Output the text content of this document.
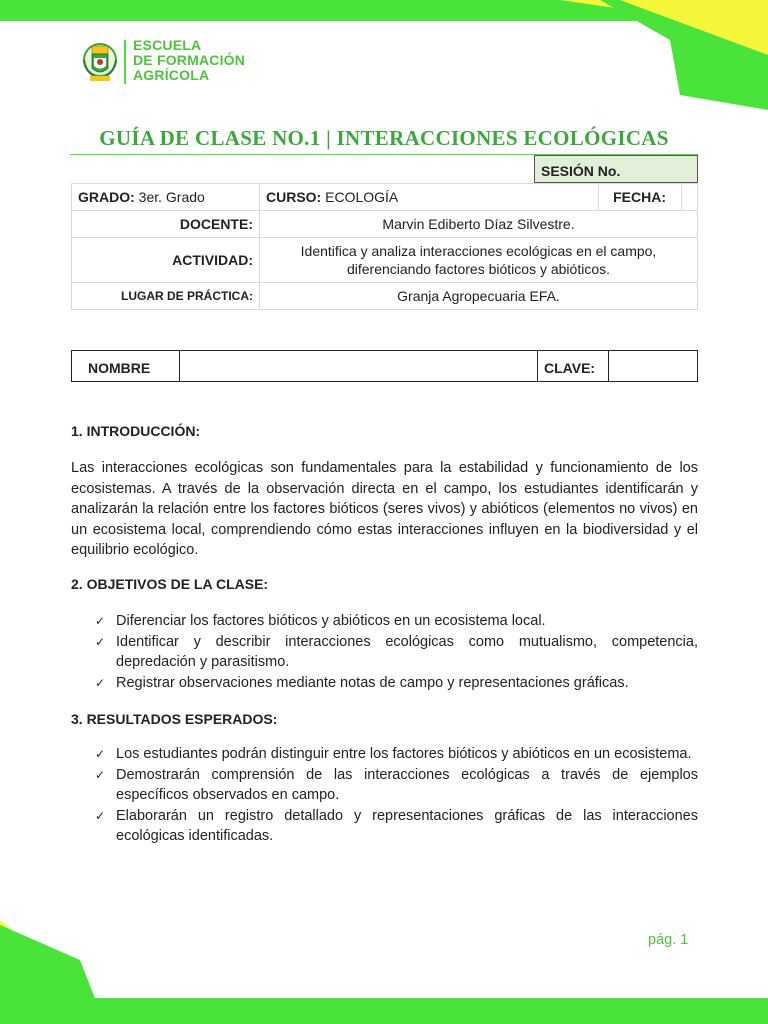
ESCUELA
DE FORMACIÓN
AGRÍCOLA
GUÍA DE CLASE NO.1 | INTERACCIONES ECOLÓGICAS
SESIÓN No.
GRADO: 3er. Grado	CURSO: ECOLOGÍA	FECHA:	
DOCENTE:	Marvin Ediberto Díaz Silvestre.		
ACTIVIDAD:	Identifica y analiza interacciones ecológicas en el campo,
diferenciando factores bióticos y abióticos.		

LUGAR DE PRÁCTICA:	Granja Agropecuaria EFA.		
NOMBRE		CLAVE:	
1. INTRODUCCIÓN:
Las interacciones ecológicas son fundamentales para la estabilidad y funcionamiento de los ecosistemas. A través de la observación directa en el campo, los estudiantes identificarán y analizarán la relación entre los factores bióticos (seres vivos) y abióticos (elementos no vivos) en un ecosistema local, comprendiendo cómo estas interacciones influyen en la biodiversidad y el equilibrio ecológico.
2. OBJETIVOS DE LA CLASE:
✓ Diferenciar los factores bióticos y abióticos en un ecosistema local.
✓ Identificar y describir interacciones ecológicas como mutualismo, competencia, depredación y parasitismo.
✓ Registrar observaciones mediante notas de campo y representaciones gráficas.
3. RESULTADOS ESPERADOS:
✓ Los estudiantes podrán distinguir entre los factores bióticos y abióticos en un ecosistema.
✓ Demostrarán comprensión de las interacciones ecológicas a través de ejemplos específicos observados en campo.
✓ Elaborarán un registro detallado y representaciones gráficas de las interacciones ecológicas identificadas.
pág. 1
